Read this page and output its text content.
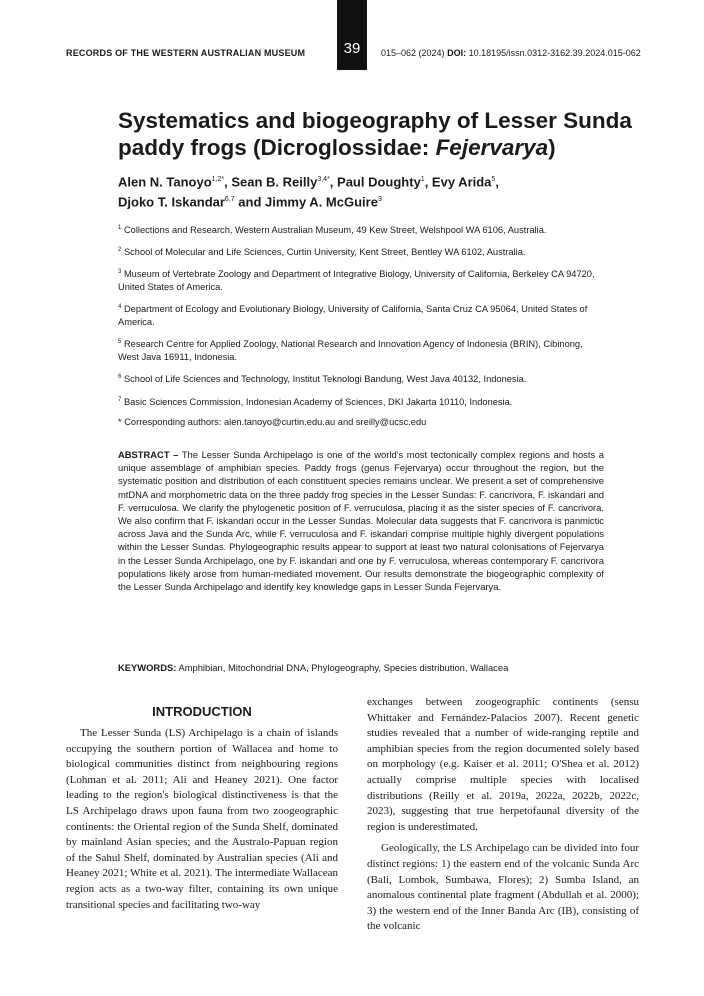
RECORDS OF THE WESTERN AUSTRALIAN MUSEUM	39	015–062 (2024) DOI: 10.18195/issn.0312-3162.39.2024.015-062
Systematics and biogeography of Lesser Sunda
paddy frogs (Dicroglossidae: Fejervarya)
Alen N. Tanoyo$^{1,2*}$, Sean B. Reilly$^{3,4*}$, Paul Doughty$^1$, Evy Arida$^5$,
Djoko T. Iskandar$^{6,7}$ and Jimmy A. McGuire$^3$
$^1$ Collections and Research, Western Australian Museum, 49 Kew Street, Welshpool WA 6106, Australia.
$^2$ School of Molecular and Life Sciences, Curtin University, Kent Street, Bentley WA 6102, Australia.
$^3$ Museum of Vertebrate Zoology and Department of Integrative Biology, University of California, Berkeley CA 94720, United States of America.
$^4$ Department of Ecology and Evolutionary Biology, University of California, Santa Cruz CA 95064, United States of America.
$^5$ Research Centre for Applied Zoology, National Research and Innovation Agency of Indonesia (BRIN), Cibinong, West Java 16911, Indonesia.
$^6$ School of Life Sciences and Technology, Institut Teknologi Bandung, West Java 40132, Indonesia.
$^7$ Basic Sciences Commission, Indonesian Academy of Sciences, DKI Jakarta 10110, Indonesia.
* Corresponding authors: alen.tanoyo@curtin.edu.au and sreilly@ucsc.edu
ABSTRACT – The Lesser Sunda Archipelago is one of the world's most tectonically complex regions and hosts a unique assemblage of amphibian species. Paddy frogs (genus Fejervarya) occur throughout the region, but the systematic position and distribution of each constituent species remains unclear. We present a set of comprehensive mtDNA and morphometric data on the three paddy frog species in the Lesser Sundas: F. cancrivora, F. iskandari and F. verruculosa. We clarify the phylogenetic position of F. verruculosa, placing it as the sister species of F. cancrivora. We also confirm that F. iskandari occur in the Lesser Sundas. Molecular data suggests that F. cancrivora is panmictic across Java and the Sunda Arc, while F. verruculosa and F. iskandari comprise multiple highly divergent populations within the Lesser Sundas. Phylogeographic results appear to support at least two natural colonisations of Fejervarya in the Lesser Sunda Archipelago, one by F. iskandari and one by F. verruculosa, whereas contemporary F. cancrivora populations likely arose from human-mediated movement. Our results demonstrate the biogeographic complexity of the Lesser Sunda Archipelago and identify key knowledge gaps in Lesser Sunda Fejervarya.
KEYWORDS: Amphibian, Mitochondrial DNA, Phylogeography, Species distribution, Wallacea
INTRODUCTION
The Lesser Sunda (LS) Archipelago is a chain of islands occupying the southern portion of Wallacea and home to biological communities distinct from neighbouring regions (Lohman et al. 2011; Ali and Heaney 2021). One factor leading to the region's biological distinctiveness is that the LS Archipelago draws upon fauna from two zoogeographic continents: the Oriental region of the Sunda Shelf, dominated by mainland Asian species; and the Australo-Papuan region of the Sahul Shelf, dominated by Australian species (Ali and Heaney 2021; White et al. 2021). The intermediate Wallacean region acts as a two-way filter, containing its own unique transitional species and facilitating two-way

exchanges between zoogeographic continents (sensu Whittaker and Fernández-Palacios 2007). Recent genetic studies revealed that a number of wide-ranging reptile and amphibian species from the region documented solely based on morphology (e.g. Kaiser et al. 2011; O'Shea et al. 2012) actually comprise multiple species with localised distributions (Reilly et al. 2019a, 2022a, 2022b, 2022c, 2023), suggesting that true herpetofaunal diversity of the region is underestimated.

Geologically, the LS Archipelago can be divided into four distinct regions: 1) the eastern end of the volcanic Sunda Arc (Bali, Lombok, Sumbawa, Flores); 2) Sumba Island, an anomalous continental plate fragment (Abdullah et al. 2000); 3) the western end of the Inner Banda Arc (IB), consisting of the volcanic
